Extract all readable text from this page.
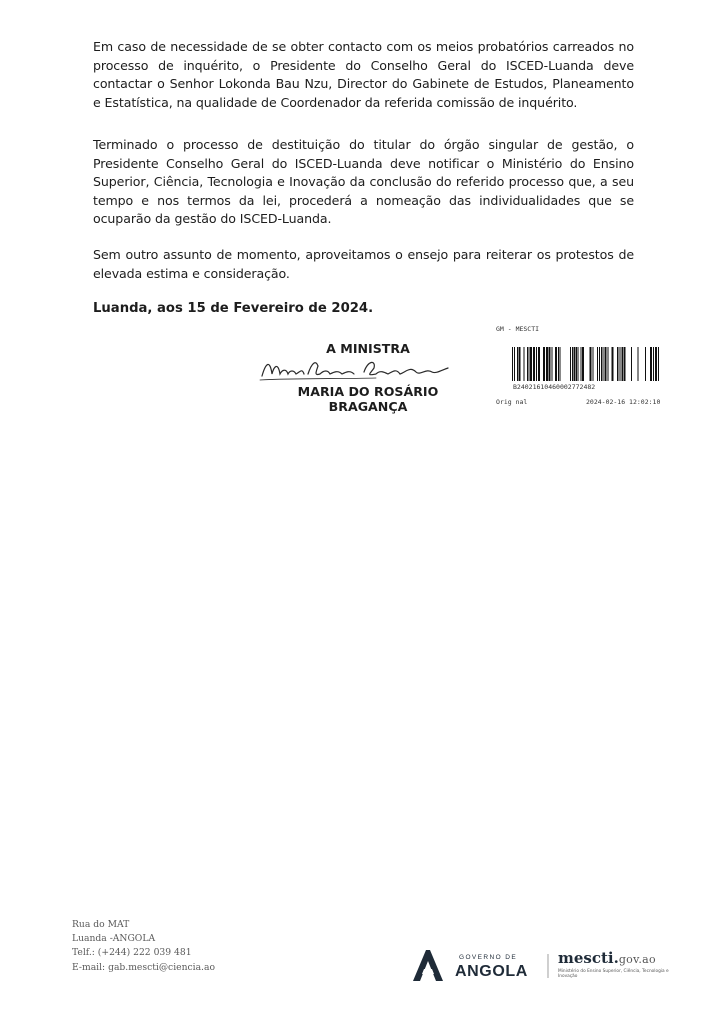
Em caso de necessidade de se obter contacto com os meios probatórios carreados no processo de inquérito, o Presidente do Conselho Geral do ISCED-Luanda deve contactar o Senhor Lokonda Bau Nzu, Director do Gabinete de Estudos, Planeamento e Estatística, na qualidade de Coordenador da referida comissão de inquérito.

Terminado o processo de destituição do titular do órgão singular de gestão, o Presidente Conselho Geral do ISCED-Luanda deve notificar o Ministério do Ensino Superior, Ciência, Tecnologia e Inovação da conclusão do referido processo que, a seu tempo e nos termos da lei, procederá a nomeação das individualidades que se ocuparão da gestão do ISCED-Luanda.

Sem outro assunto de momento, aproveitamos o ensejo para reiterar os protestos de elevada estima e consideração.

Luanda, aos 15 de Fevereiro de 2024.

A MINISTRA

MARIA DO ROSÁRIO BRAGANÇA

GM - MESCTI

B24021610460002772482

Orig nal	2024-02-16 12:02:10

Rua do MAT
Luanda -ANGOLA
Telf.: (+244) 222 039 481
E-mail: gab.mescti@ciencia.ao
GOVERNO DE
ANGOLA
mescti.gov.ao
Ministério do Ensino Superior, Ciência, Tecnologia e Inovação
